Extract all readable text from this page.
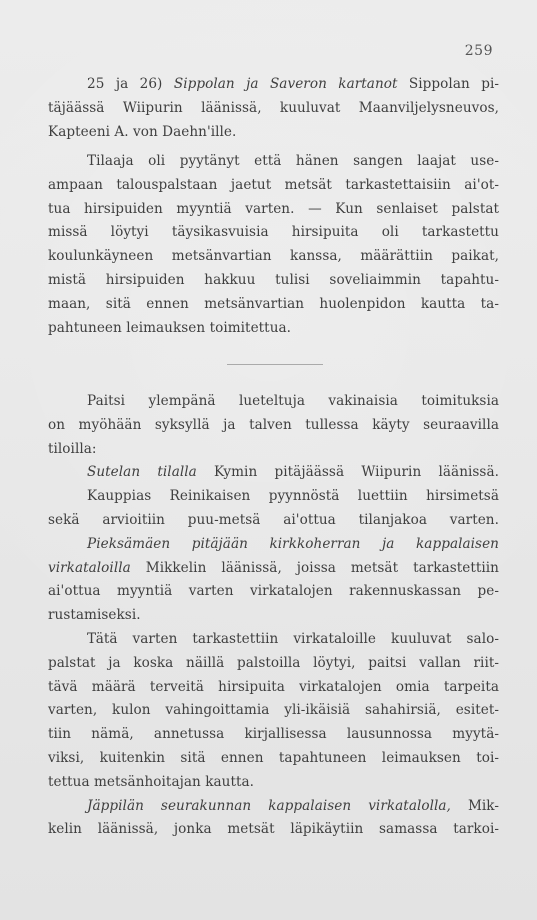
259
25 ja 26) Sippolan ja Saveron kartanot Sippolan pi-
täjäässä Wiipurin läänissä, kuuluvat Maanviljelysneuvos,
Kapteeni A. von Daehn'ille.
Tilaaja oli pyytänyt että hänen sangen laajat use-
ampaan talouspalstaan jaetut metsät tarkastettaisiin ai'ot-
tua hirsipuiden myyntiä varten. — Kun senlaiset palstat
missä löytyi täysikasvuisia hirsipuita oli tarkastettu
koulunkäyneen metsänvartian kanssa, määrättiin paikat,
mistä hirsipuiden hakkuu tulisi soveliaimmin tapahtu-
maan, sitä ennen metsänvartian huolenpidon kautta ta-
pahtuneen leimauksen toimitettua.
Paitsi ylempänä lueteltuja vakinaisia toimituksia
on myöhään syksyllä ja talven tullessa käyty seuraavilla
tiloilla:
Sutelan tilalla Kymin pitäjäässä Wiipurin läänissä.
Kauppias Reinikaisen pyynnöstä luettiin hirsimetsä
sekä arvioitiin puu-metsä ai'ottua tilanjakoa varten.
Pieksämäen pitäjään kirkkoherran ja kappalaisen
virkataloilla Mikkelin läänissä, joissa metsät tarkastettiin
ai'ottua myyntiä varten virkatalojen rakennuskassan pe-
rustamiseksi.
Tätä varten tarkastettiin virkataloille kuuluvat salo-
palstat ja koska näillä palstoilla löytyi, paitsi vallan riit-
tävä määrä terveitä hirsipuita virkatalojen omia tarpeita
varten, kulon vahingoittamia yli-ikäisiä sahahirsiä, esitet-
tiin nämä, annetussa kirjallisessa lausunnossa myytä-
viksi, kuitenkin sitä ennen tapahtuneen leimauksen toi-
tettua metsänhoitajan kautta.
Jäppilän seurakunnan kappalaisen virkatalolla, Mik-
kelin läänissä, jonka metsät läpikäytiin samassa tarkoi-
